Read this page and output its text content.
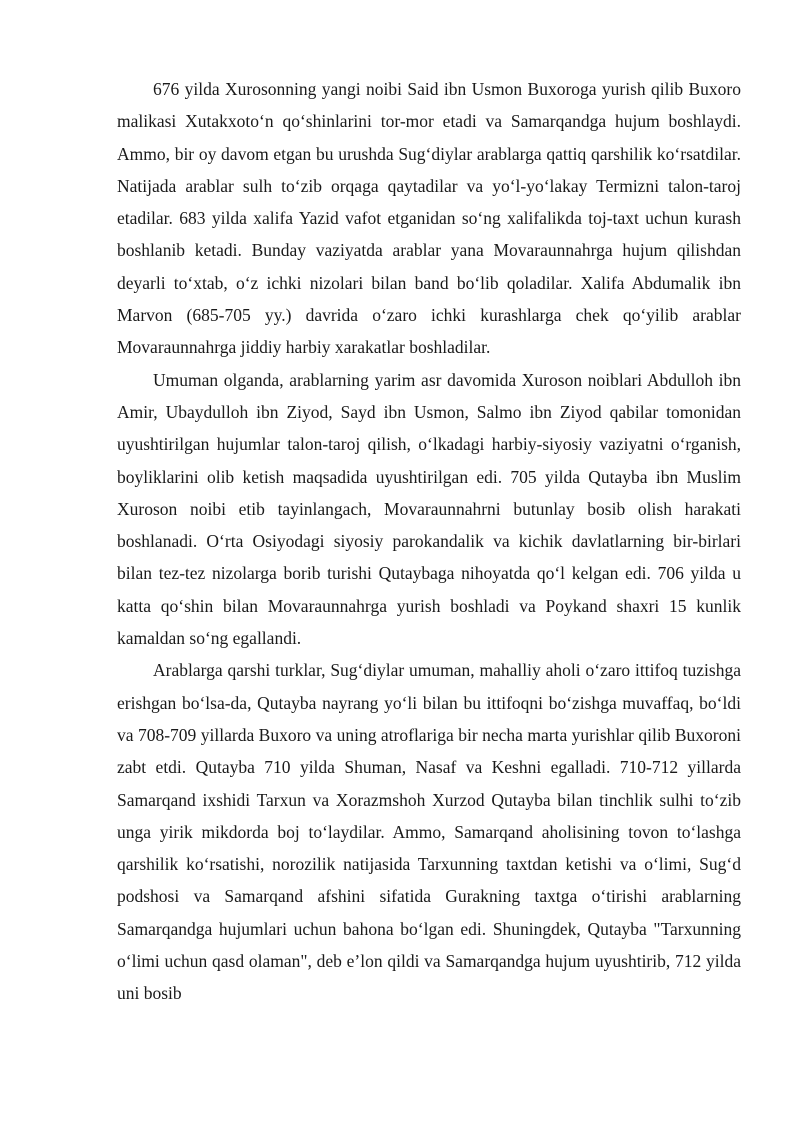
676 yilda Xurosonning yangi noibi Said ibn Usmon Buxoroga yurish qilib Buxoro malikasi Xutakxoto‘n qo‘shinlarini tor-mor etadi va Samarqandga hujum boshlaydi. Ammo, bir oy davom etgan bu urushda Sug‘diylar arablarga qattiq qarshilik ko‘rsatdilar. Natijada arablar sulh to‘zib orqaga qaytadilar va yo‘l-yo‘lakay Termizni talon-taroj etadilar. 683 yilda xalifa Yazid vafot etganidan so‘ng xalifalikda toj-taxt uchun kurash boshlanib ketadi. Bunday vaziyatda arablar yana Movaraunnahrga hujum qilishdan deyarli to‘xtab, o‘z ichki nizolari bilan band bo‘lib qoladilar. Xalifa Abdumalik ibn Marvon (685-705 yy.) davrida o‘zaro ichki kurashlarga chek qo‘yilib arablar Movaraunnahrga jiddiy harbiy xarakatlar boshladilar.

Umuman olganda, arablarning yarim asr davomida Xuroson noiblari Abdulloh ibn Amir, Ubaydulloh ibn Ziyod, Sayd ibn Usmon, Salmo ibn Ziyod qabilar tomonidan uyushtirilgan hujumlar talon-taroj qilish, o‘lkadagi harbiy-siyosiy vaziyatni o‘rganish, boyliklarini olib ketish maqsadida uyushtirilgan edi. 705 yilda Qutayba ibn Muslim Xuroson noibi etib tayinlangach, Movaraunnahrni butunlay bosib olish harakati boshlanadi. O‘rta Osiyodagi siyosiy parokandalik va kichik davlatlarning bir-birlari bilan tez-tez nizolarga borib turishi Qutaybaga nihoyatda qo‘l kelgan edi. 706 yilda u katta qo‘shin bilan Movaraunnahrga yurish boshladi va Poykand shaxri 15 kunlik kamaldan so‘ng egallandi.

Arablarga qarshi turklar, Sug‘diylar umuman, mahalliy aholi o‘zaro ittifoq tuzishga erishgan bo‘lsa-da, Qutayba nayrang yo‘li bilan bu ittifoqni bo‘zishga muvaffaq, bo‘ldi va 708-709 yillarda Buxoro va uning atroflariga bir necha marta yurishlar qilib Buxoroni zabt etdi. Qutayba 710 yilda Shuman, Nasaf va Keshni egalladi. 710-712 yillarda Samarqand ixshidi Tarxun va Xorazmshoh Xurzod Qutayba bilan tinchlik sulhi to‘zib unga yirik mikdorda boj to‘laydilar. Ammo, Samarqand aholisining tovon to‘lashga qarshilik ko‘rsatishi, norozilik natijasida Tarxunning taxtdan ketishi va o‘limi, Sug‘d podshosi va Samarqand afshini sifatida Gurakning taxtga o‘tirishi arablarning Samarqandga hujumlari uchun bahona bo‘lgan edi. Shuningdek, Qutayba "Tarxunning o‘limi uchun qasd olaman", deb e’lon qildi va Samarqandga hujum uyushtirib, 712 yilda uni bosib
